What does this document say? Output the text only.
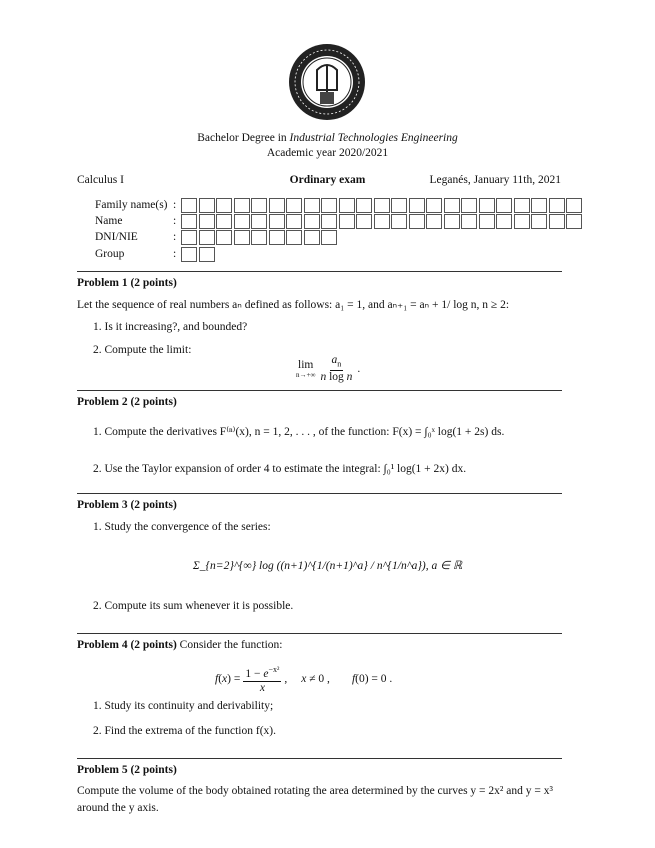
Bachelor Degree in Industrial Technologies Engineering
Academic year 2020/2021
Calculus I	Ordinary exam	Leganés, January 11th, 2021
Family name(s) :
Name	:
DNI/NIE	:
Group	:
Problem 1 (2 points)
Let the sequence of real numbers aₙ defined as follows: a₁ = 1, and aₙ₊₁ = aₙ + 1/ log n, n ≥ 2:
1. Is it increasing?, and bounded?
2. Compute the limit:
lim
$n\to+\infty \frac{a_n}{\text{n log n}}$ .
Problem 2 (2 points)
1. Compute the derivatives F⁽ⁿ⁾(x), n = 1, 2, . . . , of the function: F(x) = ∫₀ˣ log(1 + 2s) ds.
2. Use the Taylor expansion of order 4 to estimate the integral: ∫₀¹ log(1 + 2x) dx.
Problem 3 (2 points)
1. Study the convergence of the series:
Σ_{n=2}^{∞} log ((n+1)^{1/(n+1)^a} / n^{1/n^a}), a ∈ ℝ
2. Compute its sum whenever it is possible.
Problem 4 (2 points) Consider the function:
f ( x ) = $\frac{1 - e^{-x^2}}{x}$ , x ≠ 0 , f(0) = 0 .
1. Study its continuity and derivability;
2. Find the extrema of the function f(x).
Problem 5 (2 points)
Compute the volume of the body obtained rotating the area determined by the curves y = 2x² and y = x³ around the y axis.
